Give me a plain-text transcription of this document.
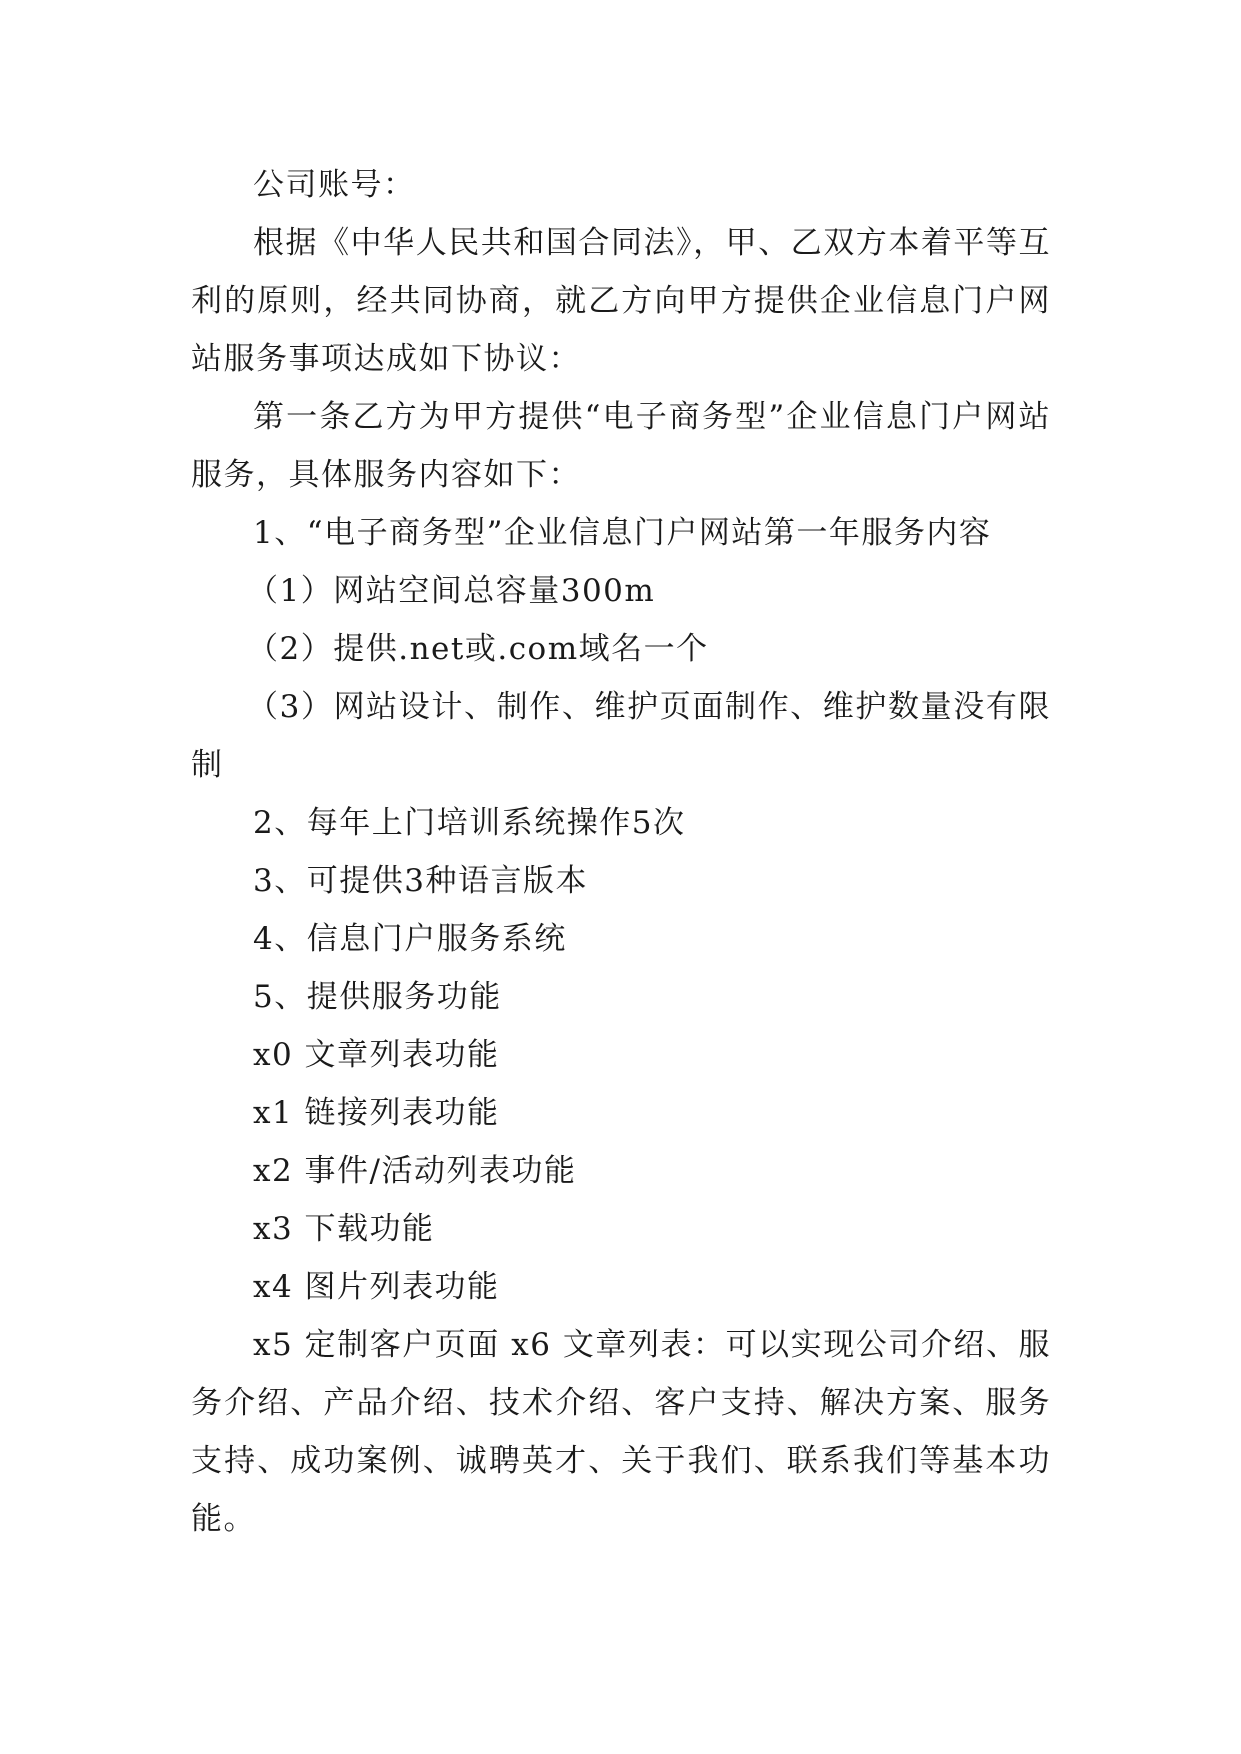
公司账号：

根据《中华人民共和国合同法》，甲、乙双方本着平等互利的原则，经共同协商，就乙方向甲方提供企业信息门户网站服务事项达成如下协议：

第一条乙方为甲方提供“电子商务型”企业信息门户网站服务，具体服务内容如下：

1、“电子商务型”企业信息门户网站第一年服务内容

（1）网站空间总容量300m

（2）提供.net或.com域名一个

（3）网站设计、制作、维护页面制作、维护数量没有限制

2、每年上门培训系统操作5次

3、可提供3种语言版本

4、信息门户服务系统

5、提供服务功能

x0 文章列表功能

x1 链接列表功能

x2 事件/活动列表功能

x3 下载功能

x4 图片列表功能

x5 定制客户页面 x6 文章列表：可以实现公司介绍、服务介绍、产品介绍、技术介绍、客户支持、解决方案、服务支持、成功案例、诚聘英才、关于我们、联系我们等基本功能。
